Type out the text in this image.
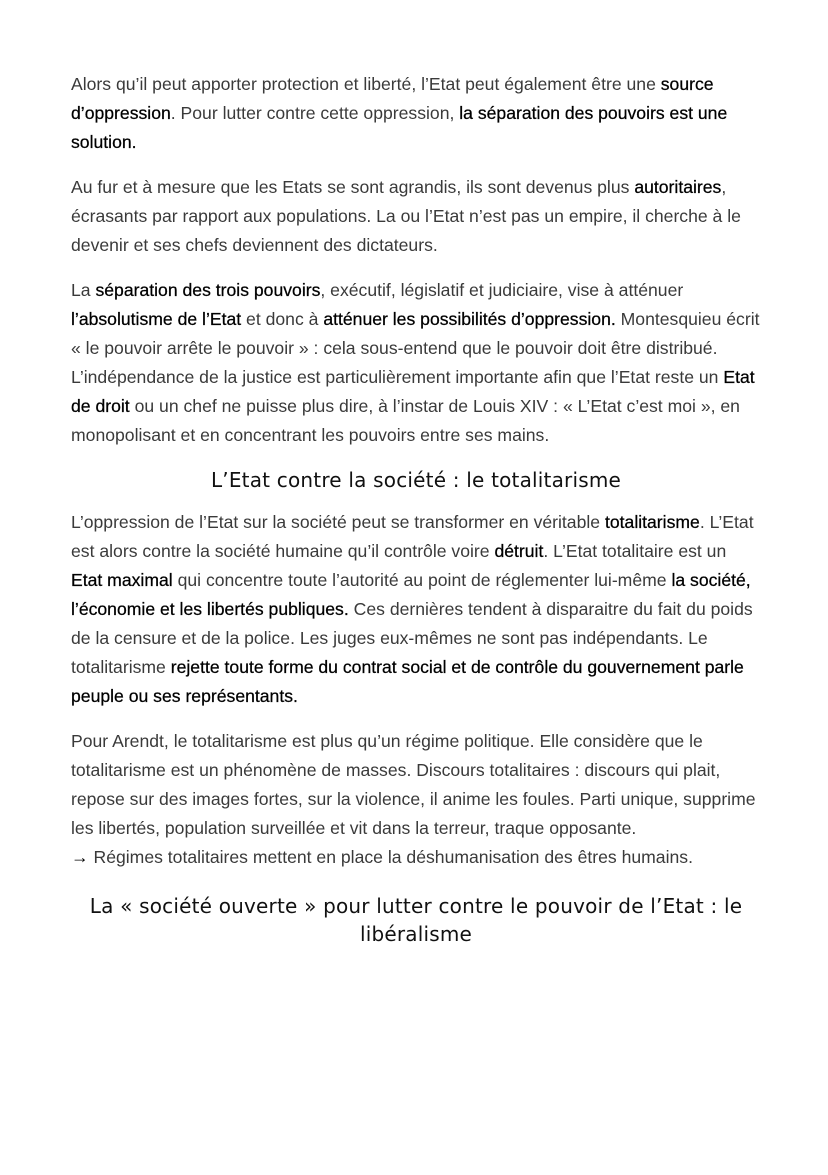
Alors qu’il peut apporter protection et liberté, l’Etat peut également être une source d’oppression. Pour lutter contre cette oppression, la séparation des pouvoirs est une solution.

Au fur et à mesure que les Etats se sont agrandis, ils sont devenus plus autoritaires, écrasants par rapport aux populations. La ou l’Etat n’est pas un empire, il cherche à le devenir et ses chefs deviennent des dictateurs.

La séparation des trois pouvoirs, exécutif, législatif et judiciaire, vise à atténuer l’absolutisme de l’Etat et donc à atténuer les possibilités d’oppression. Montesquieu écrit « le pouvoir arrête le pouvoir » : cela sous-entend que le pouvoir doit être distribué. L’indépendance de la justice est particulièrement importante afin que l’Etat reste un Etat de droit ou un chef ne puisse plus dire, à l’instar de Louis XIV : « L’Etat c’est moi », en monopolisant et en concentrant les pouvoirs entre ses mains.

L’Etat contre la société : le totalitarisme

L’oppression de l’Etat sur la société peut se transformer en véritable totalitarisme. L’Etat est alors contre la société humaine qu’il contrôle voire détruit. L’Etat totalitaire est un Etat maximal qui concentre toute l’autorité au point de réglementer lui-même la société, l’économie et les libertés publiques. Ces dernières tendent à disparaitre du fait du poids de la censure et de la police. Les juges eux-mêmes ne sont pas indépendants. Le totalitarisme rejette toute forme du contrat social et de contrôle du gouvernement parle peuple ou ses représentants.

Pour Arendt, le totalitarisme est plus qu’un régime politique. Elle considère que le totalitarisme est un phénomène de masses. Discours totalitaires : discours qui plait, repose sur des images fortes, sur la violence, il anime les foules. Parti unique, supprime les libertés, population surveillée et vit dans la terreur, traque opposante.
→ Régimes totalitaires mettent en place la déshumanisation des êtres humains.

La « société ouverte » pour lutter contre le pouvoir de l’Etat : le libéralisme
